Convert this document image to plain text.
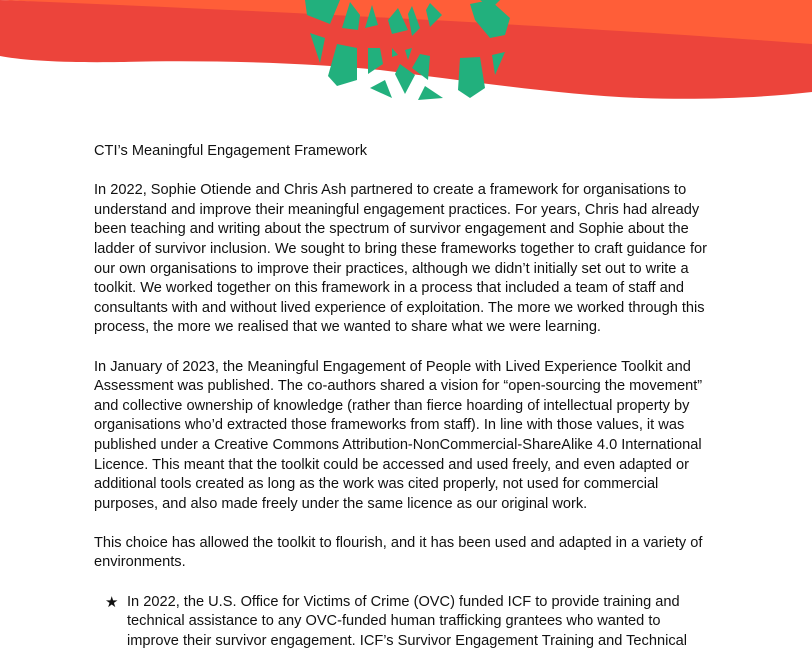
CTI’s Meaningful Engagement Framework

In 2022, Sophie Otiende and Chris Ash partnered to create a framework for organisations to
understand and improve their meaningful engagement practices. For years, Chris had already
been teaching and writing about the spectrum of survivor engagement and Sophie about the
ladder of survivor inclusion. We sought to bring these frameworks together to craft guidance for
our own organisations to improve their practices, although we didn’t initially set out to write a
toolkit. We worked together on this framework in a process that included a team of staff and
consultants with and without lived experience of exploitation. The more we worked through this
process, the more we realised that we wanted to share what we were learning.

In January of 2023, the Meaningful Engagement of People with Lived Experience Toolkit and
Assessment was published. The co-authors shared a vision for “open-sourcing the movement”
and collective ownership of knowledge (rather than fierce hoarding of intellectual property by
organisations who’d extracted those frameworks from staff). In line with those values, it was
published under a Creative Commons Attribution-NonCommercial-ShareAlike 4.0 International
Licence. This meant that the toolkit could be accessed and used freely, and even adapted or
additional tools created as long as the work was cited properly, not used for commercial
purposes, and also made freely under the same licence as our original work.

This choice has allowed the toolkit to flourish, and it has been used and adapted in a variety of
environments.

★ In 2022, the U.S. Office for Victims of Crime (OVC) funded ICF to provide training and
technical assistance to any OVC-funded human trafficking grantees who wanted to
improve their survivor engagement. ICF’s Survivor Engagement Training and Technical
